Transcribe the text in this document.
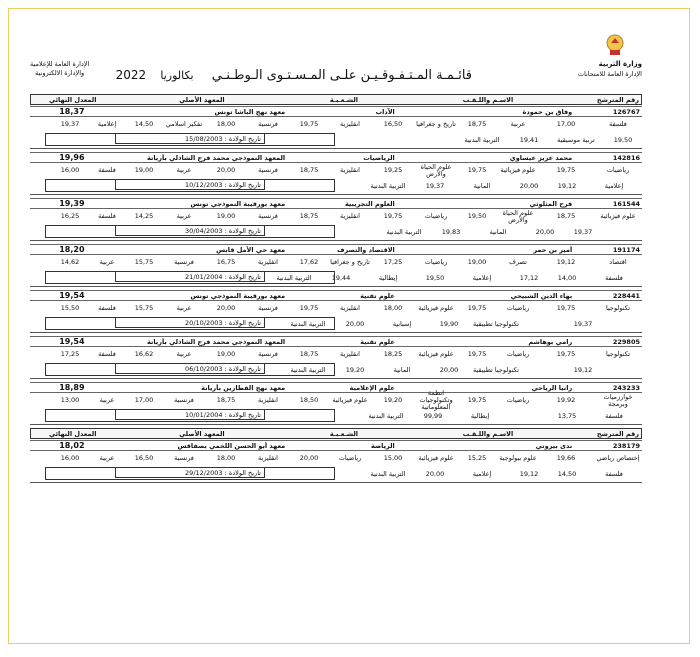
وزارة التربية
الإدارة العامة للامتحانات
قائـمـة المـتـفـوقـيـن علـى المـسـتـوى الـوطـنـي بكالوريا 2022
الإدارة العامة للإعلامية
والإدارة الالكترونية
رقم المترشح
الاسـم واللـقـب
الشـعـبـة
المعهد الأصلي
المعدل النهائي
126767
وفاق بن حمودة
الآداب
معهد نهج الباشا تونس
18,37
فلسفة
17,00
عربية
18,75
تاريخ و جغرافيا
16,50
انقليزية
19,75
فرنسية
18,00
تفكير اسلامي
14,50
إعلامية
19,37
19,50
تربية موسيقية
19,41
التربية البدنية
تاريخ الولادة : 15/08/2003
142816
محمد عزيز عيساوي
الرياضيات
المعهد النموذجي محمد فرج الشاذلي بأريانة
19,96
رياضيات
19,75
علوم فيزيائية
19,75
علوم الحياة والأرض
19,25
انقليزية
18,75
فرنسية
20,00
عربية
19,00
فلسفة
16,00
إعلامية
19,12
20,00
ألمانية
19,37
التربية البدنية
تاريخ الولادة : 10/12/2003
161544
فرح المثلوثي
العلوم التجريبية
معهد بورقيبة النموذجي تونس
19,39
علوم فيزيائية
18,75
علوم الحياة والأرض
19,50
رياضيات
19,75
انقليزية
18,75
فرنسية
19,00
عربية
14,25
فلسفة
16,25
19,37
20,00
ألمانية
19,83
التربية البدنية
تاريخ الولادة : 30/04/2003
191174
أمير بن حمر
الاقتصاد والتصرف
معهد حي الأمل قابس
18,20
اقتصاد
19,12
تصرف
19,00
رياضيات
17,25
تاريخ و جغرافيا
17,62
انقليزية
16,75
فرنسية
15,75
عربية
14,62
فلسفة
14,00
17,12
إعلامية
19,50
إيطالية
19,44
التربية البدنية
تاريخ الولادة : 21/01/2004
228441
بهاء الدين الشبيحي
علوم تقنية
معهد بورقيبة النموذجي تونس
19,54
تكنولوجيا
19,75
رياضيات
19,75
علوم فيزيائية
18,00
انقليزية
19,75
فرنسية
20,00
عربية
15,75
فلسفة
15,50
19,37
تكنولوجيا تطبيقية
19,90
إسبانية
20,00
التربية البدنية
تاريخ الولادة : 20/10/2003
229805
رامي بوهاشم
علوم تقنية
المعهد النموذجي محمد فرج الشاذلي بأريانة
19,54
تكنولوجيا
19,75
رياضيات
19,75
علوم فيزيائية
18,25
انقليزية
18,75
فرنسية
19,00
عربية
16,62
فلسفة
17,25
19,12
تكنولوجيا تطبيقية
20,00
ألمانية
19,20
التربية البدنية
تاريخ الولادة : 06/10/2003
243233
رانيا الرياحي
علوم الإعلامية
معهد نهج القطارين بأريانة
18,89
خوارزميات وبرمجة
19,92
رياضيات
19,75
أنظمة وتكنولوجيات المعلوماتية
19,20
علوم فيزيائية
18,50
انقليزية
18,75
فرنسية
17,00
عربية
13,00
فلسفة
13,75
إيطالية
99,99
التربية البدنية
تاريخ الولادة : 10/01/2004
رقم المترشح
الاسـم واللـقـب
الشـعـبـة
المعهد الأصلي
المعدل النهائي
238179
ندى بيروتي
الرياضة
معهد أبو الحسن اللخمي بصفاقس
18,02
إختصاص رياضي
19,66
علوم بيولوجية
15,25
علوم فيزيائية
15,00
رياضيات
20,00
انقليزية
18,00
فرنسية
16,50
عربية
16,00
فلسفة
14,50
19,12
إعلامية
20,00
التربية البدنية
تاريخ الولادة : 29/12/2003
